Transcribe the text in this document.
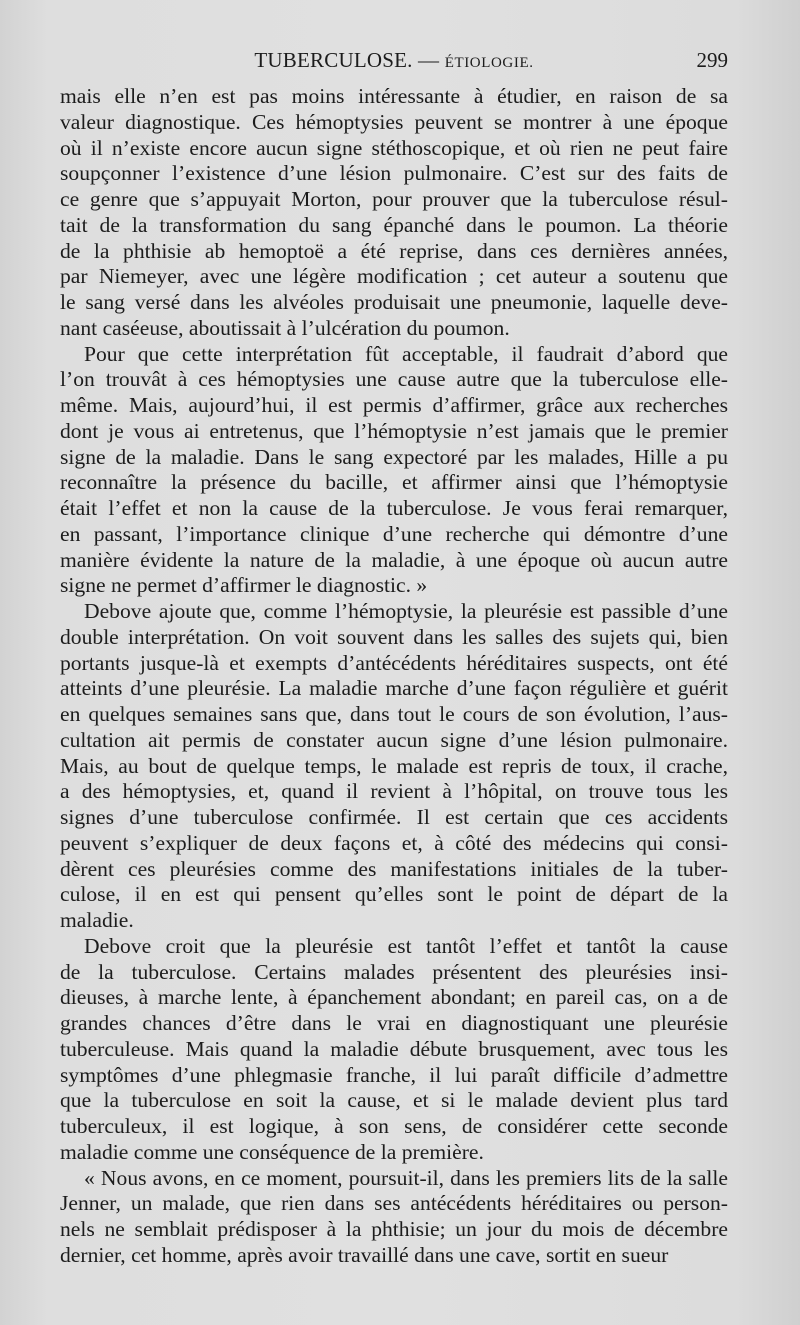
TUBERCULOSE. — ÉTIOLOGIE.	299
mais elle n’en est pas moins intéressante à étudier, en raison de sa
valeur diagnostique. Ces hémoptysies peuvent se montrer à une époque
où il n’existe encore aucun signe stéthoscopique, et où rien ne peut faire
soupçonner l’existence d’une lésion pulmonaire. C’est sur des faits de
ce genre que s’appuyait Morton, pour prouver que la tuberculose résul-
tait de la transformation du sang épanché dans le poumon. La théorie
de la phthisie ab hemoptoë a été reprise, dans ces dernières années,
par Niemeyer, avec une légère modification ; cet auteur a soutenu que
le sang versé dans les alvéoles produisait une pneumonie, laquelle deve-
nant caséeuse, aboutissait à l’ulcération du poumon.
Pour que cette interprétation fût acceptable, il faudrait d’abord que
l’on trouvât à ces hémoptysies une cause autre que la tuberculose elle-
même. Mais, aujourd’hui, il est permis d’affirmer, grâce aux recherches
dont je vous ai entretenus, que l’hémoptysie n’est jamais que le premier
signe de la maladie. Dans le sang expectoré par les malades, Hille a pu
reconnaître la présence du bacille, et affirmer ainsi que l’hémoptysie
était l’effet et non la cause de la tuberculose. Je vous ferai remarquer,
en passant, l’importance clinique d’une recherche qui démontre d’une
manière évidente la nature de la maladie, à une époque où aucun autre
signe ne permet d’affirmer le diagnostic. »
Debove ajoute que, comme l’hémoptysie, la pleurésie est passible d’une
double interprétation. On voit souvent dans les salles des sujets qui, bien
portants jusque-là et exempts d’antécédents héréditaires suspects, ont été
atteints d’une pleurésie. La maladie marche d’une façon régulière et guérit
en quelques semaines sans que, dans tout le cours de son évolution, l’aus-
cultation ait permis de constater aucun signe d’une lésion pulmonaire.
Mais, au bout de quelque temps, le malade est repris de toux, il crache,
a des hémoptysies, et, quand il revient à l’hôpital, on trouve tous les
signes d’une tuberculose confirmée. Il est certain que ces accidents
peuvent s’expliquer de deux façons et, à côté des médecins qui consi-
dèrent ces pleurésies comme des manifestations initiales de la tuber-
culose, il en est qui pensent qu’elles sont le point de départ de la
maladie.
Debove croit que la pleurésie est tantôt l’effet et tantôt la cause
de la tuberculose. Certains malades présentent des pleurésies insi-
dieuses, à marche lente, à épanchement abondant; en pareil cas, on a de
grandes chances d’être dans le vrai en diagnostiquant une pleurésie
tuberculeuse. Mais quand la maladie débute brusquement, avec tous les
symptômes d’une phlegmasie franche, il lui paraît difficile d’admettre
que la tuberculose en soit la cause, et si le malade devient plus tard
tuberculeux, il est logique, à son sens, de considérer cette seconde
maladie comme une conséquence de la première.
« Nous avons, en ce moment, poursuit-il, dans les premiers lits de la salle
Jenner, un malade, que rien dans ses antécédents héréditaires ou person-
nels ne semblait prédisposer à la phthisie; un jour du mois de décembre
dernier, cet homme, après avoir travaillé dans une cave, sortit en sueur
